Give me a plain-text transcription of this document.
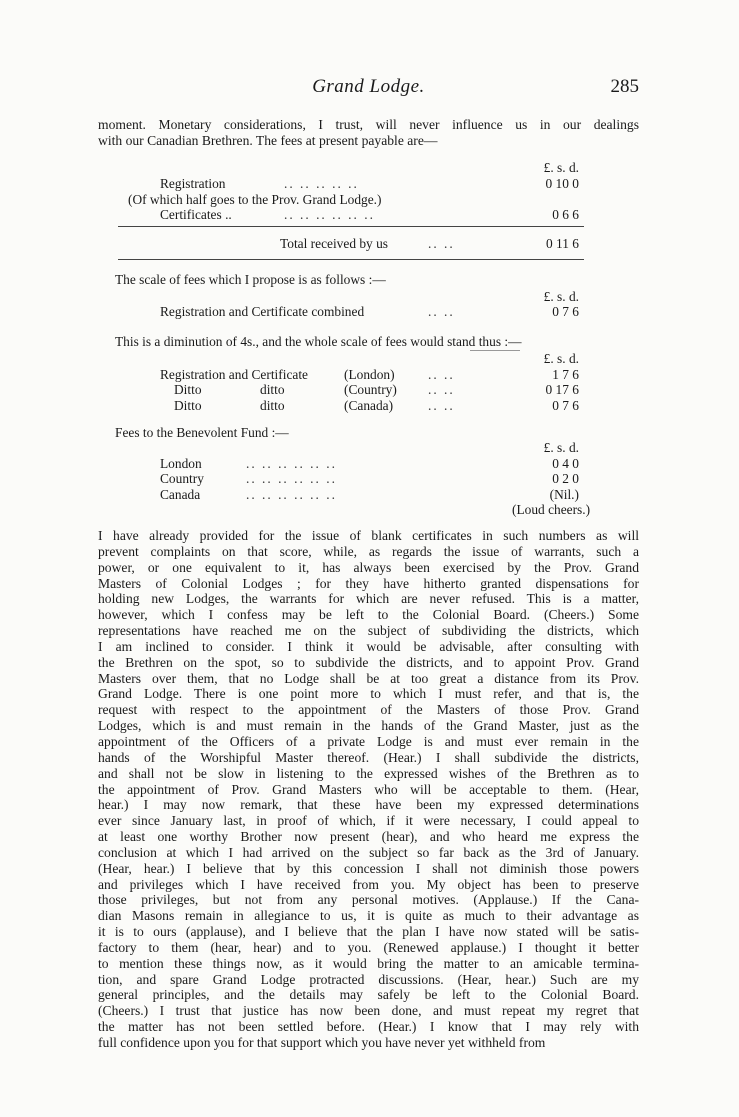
Grand Lodge.	285
moment. Monetary considerations, I trust, will never influence us in our dealings
with our Canadian Brethren. The fees at present payable are—
£. s. d.
Registration	.. .. .. .. ..	0 10 0
(Of which half goes to the Prov. Grand Lodge.)
Certificates ..	.. .. .. .. .. ..	0 6 6
Total received by us	.. ..	0 11 6
The scale of fees which I propose is as follows :—
£. s. d.
Registration and Certificate combined	.. ..	0 7 6
This is a diminution of 4s., and the whole scale of fees would stand thus :—
£. s. d.
Registration and Certificate	(London) .. ..	1 7 6
Ditto	ditto	(Country) .. ..	0 17 6
Ditto	ditto	(Canada)	.. ..	0 7 6
Fees to the Benevolent Fund :—
£. s. d.
London	.. .. .. .. .. ..	0 4 0
Country	.. .. .. .. .. ..	0 2 0
Canada	.. .. .. .. .. ..	(Nil.)
(Loud cheers.)
I have already provided for the issue of blank certificates in such numbers as will
prevent complaints on that score, while, as regards the issue of warrants, such a
power, or one equivalent to it, has always been exercised by the Prov. Grand
Masters of Colonial Lodges ; for they have hitherto granted dispensations for
holding new Lodges, the warrants for which are never refused. This is a matter,
however, which I confess may be left to the Colonial Board. (Cheers.) Some
representations have reached me on the subject of subdividing the districts, which
I am inclined to consider. I think it would be advisable, after consulting with
the Brethren on the spot, so to subdivide the districts, and to appoint Prov. Grand
Masters over them, that no Lodge shall be at too great a distance from its Prov.
Grand Lodge. There is one point more to which I must refer, and that is, the
request with respect to the appointment of the Masters of those Prov. Grand
Lodges, which is and must remain in the hands of the Grand Master, just as the
appointment of the Officers of a private Lodge is and must ever remain in the
hands of the Worshipful Master thereof. (Hear.) I shall subdivide the districts,
and shall not be slow in listening to the expressed wishes of the Brethren as to
the appointment of Prov. Grand Masters who will be acceptable to them. (Hear,
hear.) I may now remark, that these have been my expressed determinations
ever since January last, in proof of which, if it were necessary, I could appeal to
at least one worthy Brother now present (hear), and who heard me express the
conclusion at which I had arrived on the subject so far back as the 3rd of January.
(Hear, hear.) I believe that by this concession I shall not diminish those powers
and privileges which I have received from you. My object has been to preserve
those privileges, but not from any personal motives. (Applause.) If the Cana-
dian Masons remain in allegiance to us, it is quite as much to their advantage as
it is to ours (applause), and I believe that the plan I have now stated will be satis-
factory to them (hear, hear) and to you. (Renewed applause.) I thought it better
to mention these things now, as it would bring the matter to an amicable termina-
tion, and spare Grand Lodge protracted discussions. (Hear, hear.) Such are my
general principles, and the details may safely be left to the Colonial Board.
(Cheers.) I trust that justice has now been done, and must repeat my regret that
the matter has not been settled before. (Hear.) I know that I may rely with
full confidence upon you for that support which you have never yet withheld from
